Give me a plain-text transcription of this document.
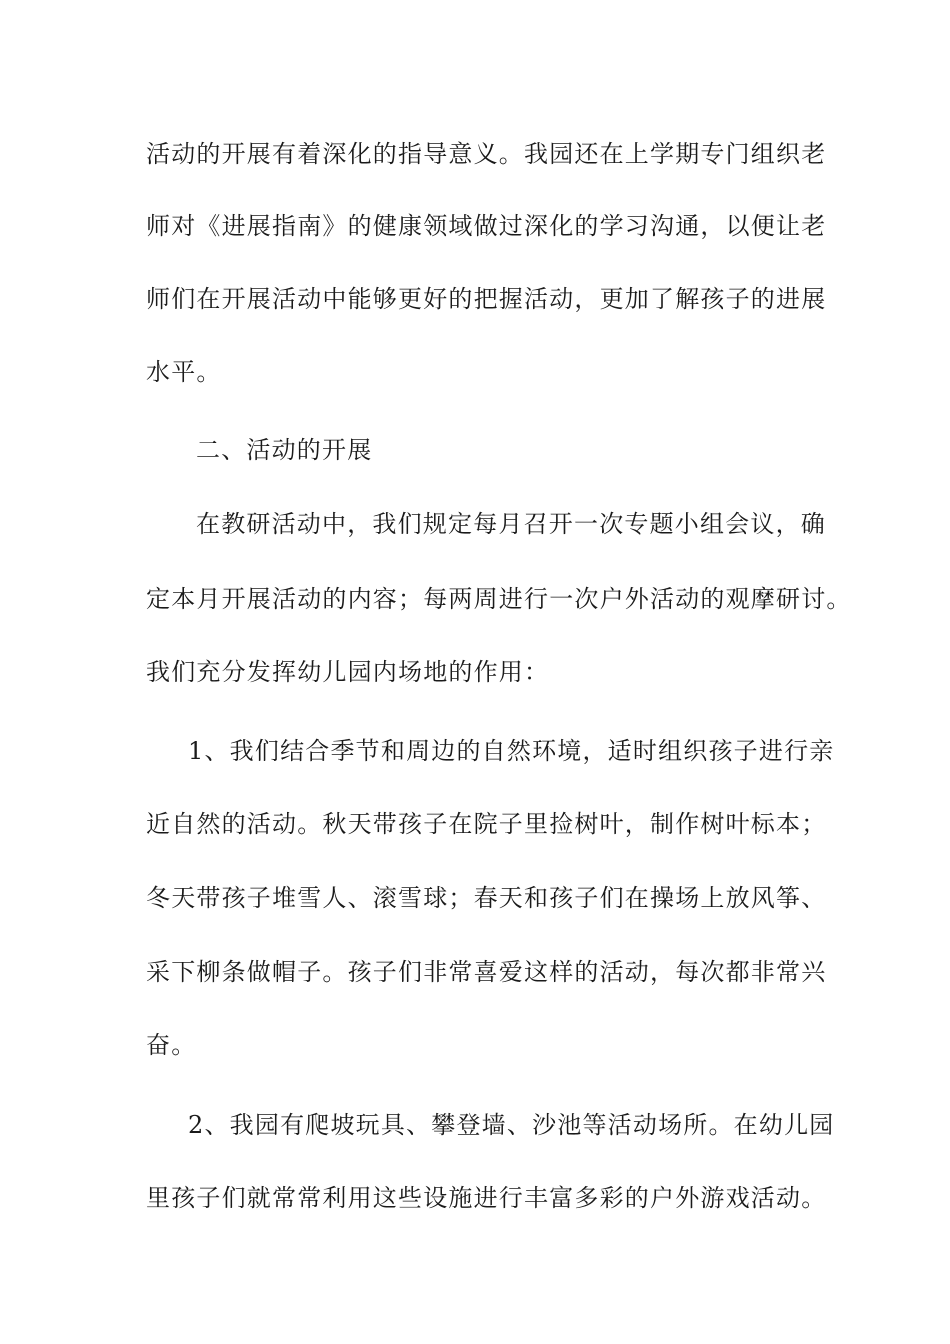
活动的开展有着深化的指导意义。我园还在上学期专门组织老
师对《进展指南》的健康领域做过深化的学习沟通，以便让老
师们在开展活动中能够更好的把握活动，更加了解孩子的进展
水平。
二、活动的开展
在教研活动中，我们规定每月召开一次专题小组会议，确
定本月开展活动的内容；每两周进行一次户外活动的观摩研讨。
我们充分发挥幼儿园内场地的作用：
1、我们结合季节和周边的自然环境，适时组织孩子进行亲
近自然的活动。秋天带孩子在院子里捡树叶，制作树叶标本；
冬天带孩子堆雪人、滚雪球；春天和孩子们在操场上放风筝、
采下柳条做帽子。孩子们非常喜爱这样的活动，每次都非常兴
奋。
2、我园有爬坡玩具、攀登墙、沙池等活动场所。在幼儿园
里孩子们就常常利用这些设施进行丰富多彩的户外游戏活动。
